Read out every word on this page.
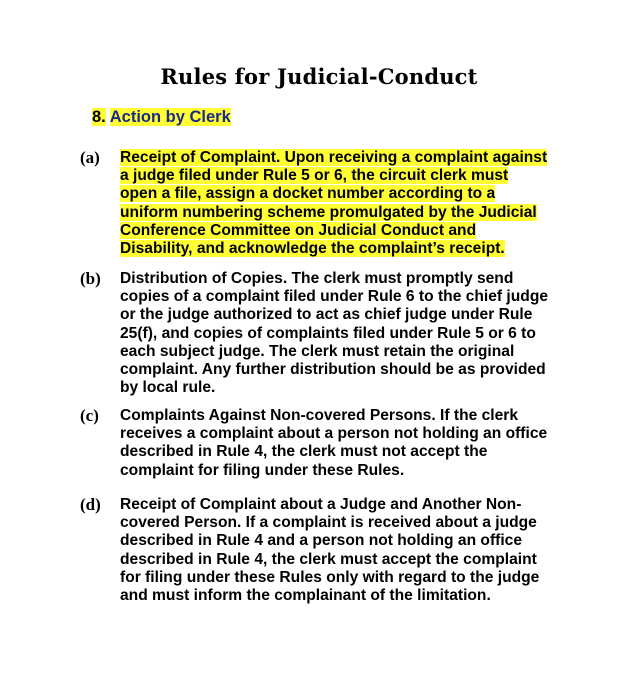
Rules for Judicial-Conduct
8. Action by Clerk
(a) Receipt of Complaint. Upon receiving a complaint against
a judge filed under Rule 5 or 6, the circuit clerk must
open a file, assign a docket number according to a
uniform numbering scheme promulgated by the Judicial
Conference Committee on Judicial Conduct and
Disability, and acknowledge the complaint’s receipt.
(b) Distribution of Copies. The clerk must promptly send
copies of a complaint filed under Rule 6 to the chief judge
or the judge authorized to act as chief judge under Rule
25(f), and copies of complaints filed under Rule 5 or 6 to
each subject judge. The clerk must retain the original
complaint. Any further distribution should be as provided
by local rule.
(c) Complaints Against Non-covered Persons. If the clerk
receives a complaint about a person not holding an office
described in Rule 4, the clerk must not accept the
complaint for filing under these Rules.
(d) Receipt of Complaint about a Judge and Another Non-
covered Person. If a complaint is received about a judge
described in Rule 4 and a person not holding an office
described in Rule 4, the clerk must accept the complaint
for filing under these Rules only with regard to the judge
and must inform the complainant of the limitation.
